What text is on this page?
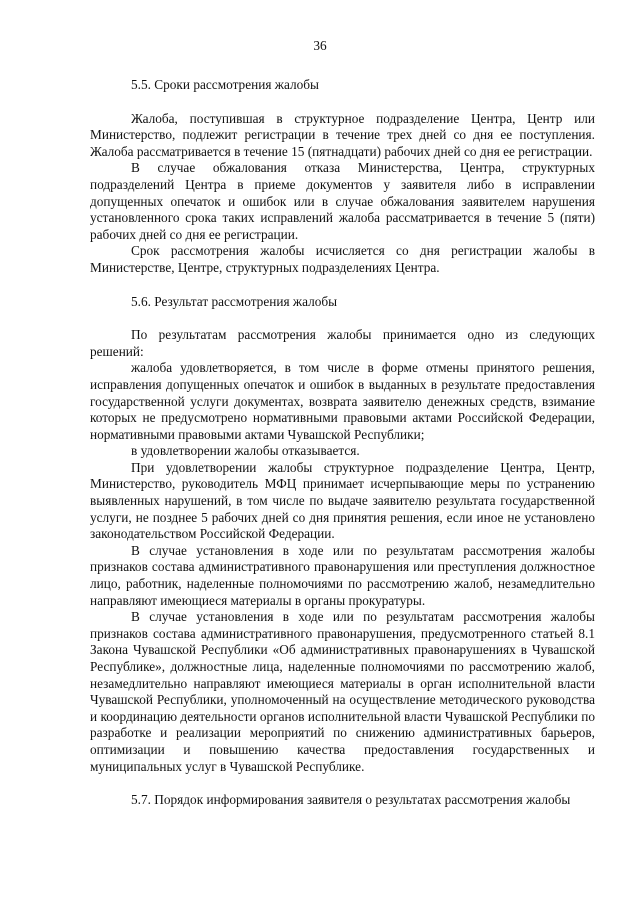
36

5.5. Сроки рассмотрения жалобы

Жалоба, поступившая в структурное подразделение Центра, Центр или Министерство, подлежит регистрации в течение трех дней со дня ее поступления. Жалоба рассматривается в течение 15 (пятнадцати) рабочих дней со дня ее регистрации.

В случае обжалования отказа Министерства, Центра, структурных подразделений Центра в приеме документов у заявителя либо в исправлении допущенных опечаток и ошибок или в случае обжалования заявителем нарушения установленного срока таких исправлений жалоба рассматривается в течение 5 (пяти) рабочих дней со дня ее регистрации.

Срок рассмотрения жалобы исчисляется со дня регистрации жалобы в Министерстве, Центре, структурных подразделениях Центра.

5.6. Результат рассмотрения жалобы

По результатам рассмотрения жалобы принимается одно из следующих решений:

жалоба удовлетворяется, в том числе в форме отмены принятого решения, исправления допущенных опечаток и ошибок в выданных в результате предоставления государственной услуги документах, возврата заявителю денежных средств, взимание которых не предусмотрено нормативными правовыми актами Российской Федерации, нормативными правовыми актами Чувашской Республики;

в удовлетворении жалобы отказывается.

При удовлетворении жалобы структурное подразделение Центра, Центр, Министерство, руководитель МФЦ принимает исчерпывающие меры по устранению выявленных нарушений, в том числе по выдаче заявителю результата государственной услуги, не позднее 5 рабочих дней со дня принятия решения, если иное не установлено законодательством Российской Федерации.

В случае установления в ходе или по результатам рассмотрения жалобы признаков состава административного правонарушения или преступления должностное лицо, работник, наделенные полномочиями по рассмотрению жалоб, незамедлительно направляют имеющиеся материалы в органы прокуратуры.

В случае установления в ходе или по результатам рассмотрения жалобы признаков состава административного правонарушения, предусмотренного статьей 8.1 Закона Чувашской Республики «Об административных правонарушениях в Чувашской Республике», должностные лица, наделенные полномочиями по рассмотрению жалоб, незамедлительно направляют имеющиеся материалы в орган исполнительной власти Чувашской Республики, уполномоченный на осуществление методического руководства и координацию деятельности органов исполнительной власти Чувашской Республики по разработке и реализации мероприятий по снижению административных барьеров, оптимизации и повышению качества предоставления государственных и муниципальных услуг в Чувашской Республике.

5.7. Порядок информирования заявителя о результатах рассмотрения жалобы
